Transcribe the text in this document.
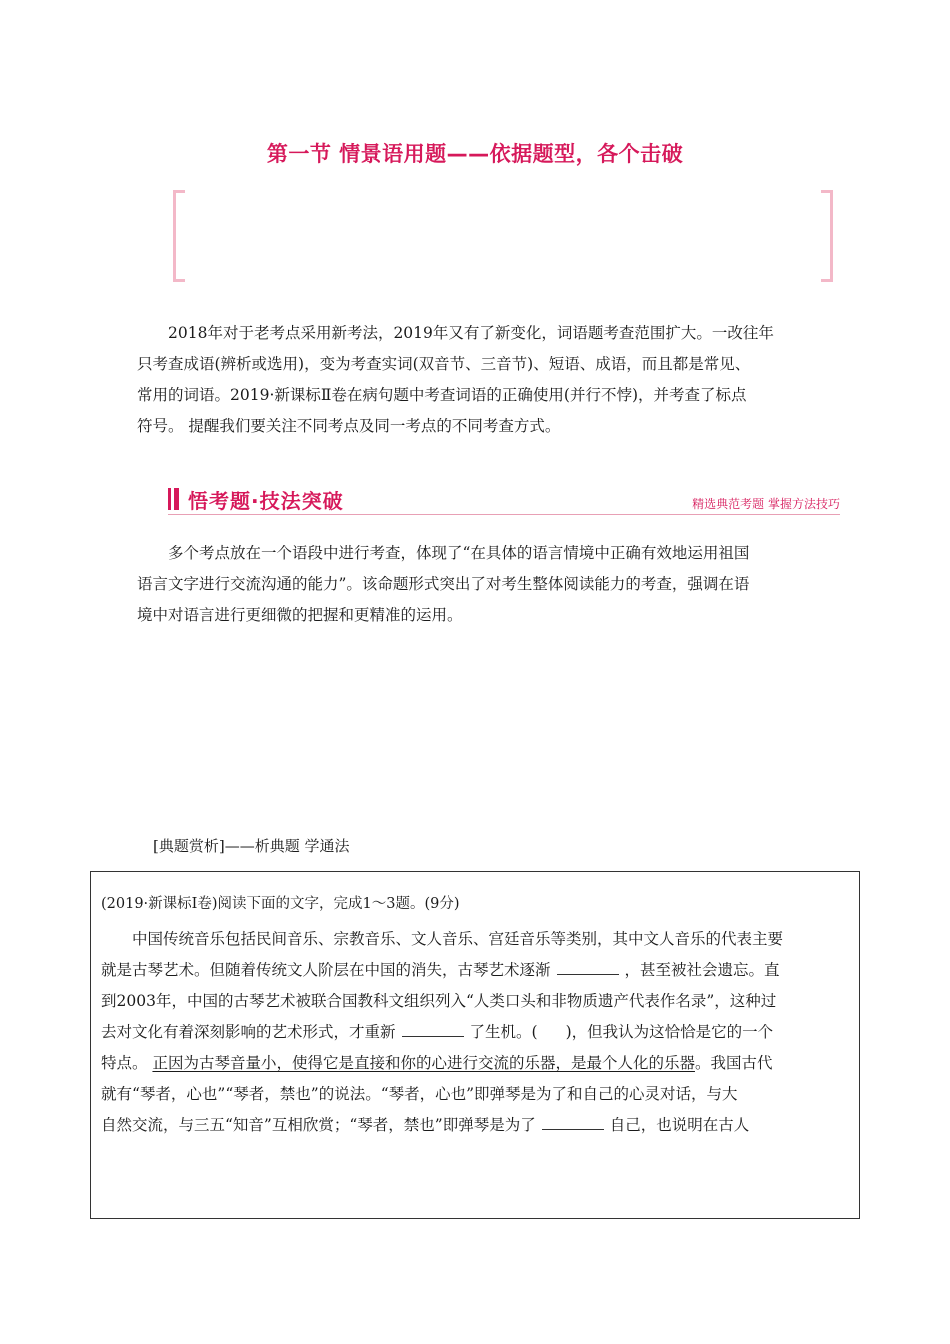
第一节 情景语用题——依据题型，各个击破

2018年对于老考点采用新考法，2019年又有了新变化，词语题考查范围扩大。一改往年

只考查成语(辨析或选用)，变为考查实词(双音节、三音节)、短语、成语，而且都是常见、

常用的词语。2019·新课标Ⅱ卷在病句题中考查词语的正确使用(并行不悖)，并考查了标点

符号。 提醒我们要关注不同考点及同一考点的不同考查方式。

悟考题·技法突破	精选典范考题 掌握方法技巧

多个考点放在一个语段中进行考查，体现了“在具体的语言情境中正确有效地运用祖国

语言文字进行交流沟通的能力”。该命题形式突出了对考生整体阅读能力的考查，强调在语

境中对语言进行更细微的把握和更精准的运用。

[典题赏析]——析典题 学通法

(2019·新课标Ⅰ卷)阅读下面的文字，完成1～3题。(9分)

中国传统音乐包括民间音乐、宗教音乐、文人音乐、宫廷音乐等类别，其中文人音乐的代表主要

就是古琴艺术。但随着传统文人阶层在中国的消失，古琴艺术逐渐	，甚至被社会遗忘。直

到2003年，中国的古琴艺术被联合国教科文组织列入“人类口头和非物质遗产代表作名录”，这种过

去对文化有着深刻影响的艺术形式，才重新	了生机。( )，但我认为这恰恰是它的一个

特点。 正因为古琴音量小，使得它是直接和你的心进行交流的乐器，是最个人化的乐器。我国古代

就有“琴者，心也”“琴者，禁也”的说法。“琴者，心也”即弹琴是为了和自己的心灵对话，与大

自然交流，与三五“知音”互相欣赏；“琴者，禁也”即弹琴是为了	自己，也说明在古人
